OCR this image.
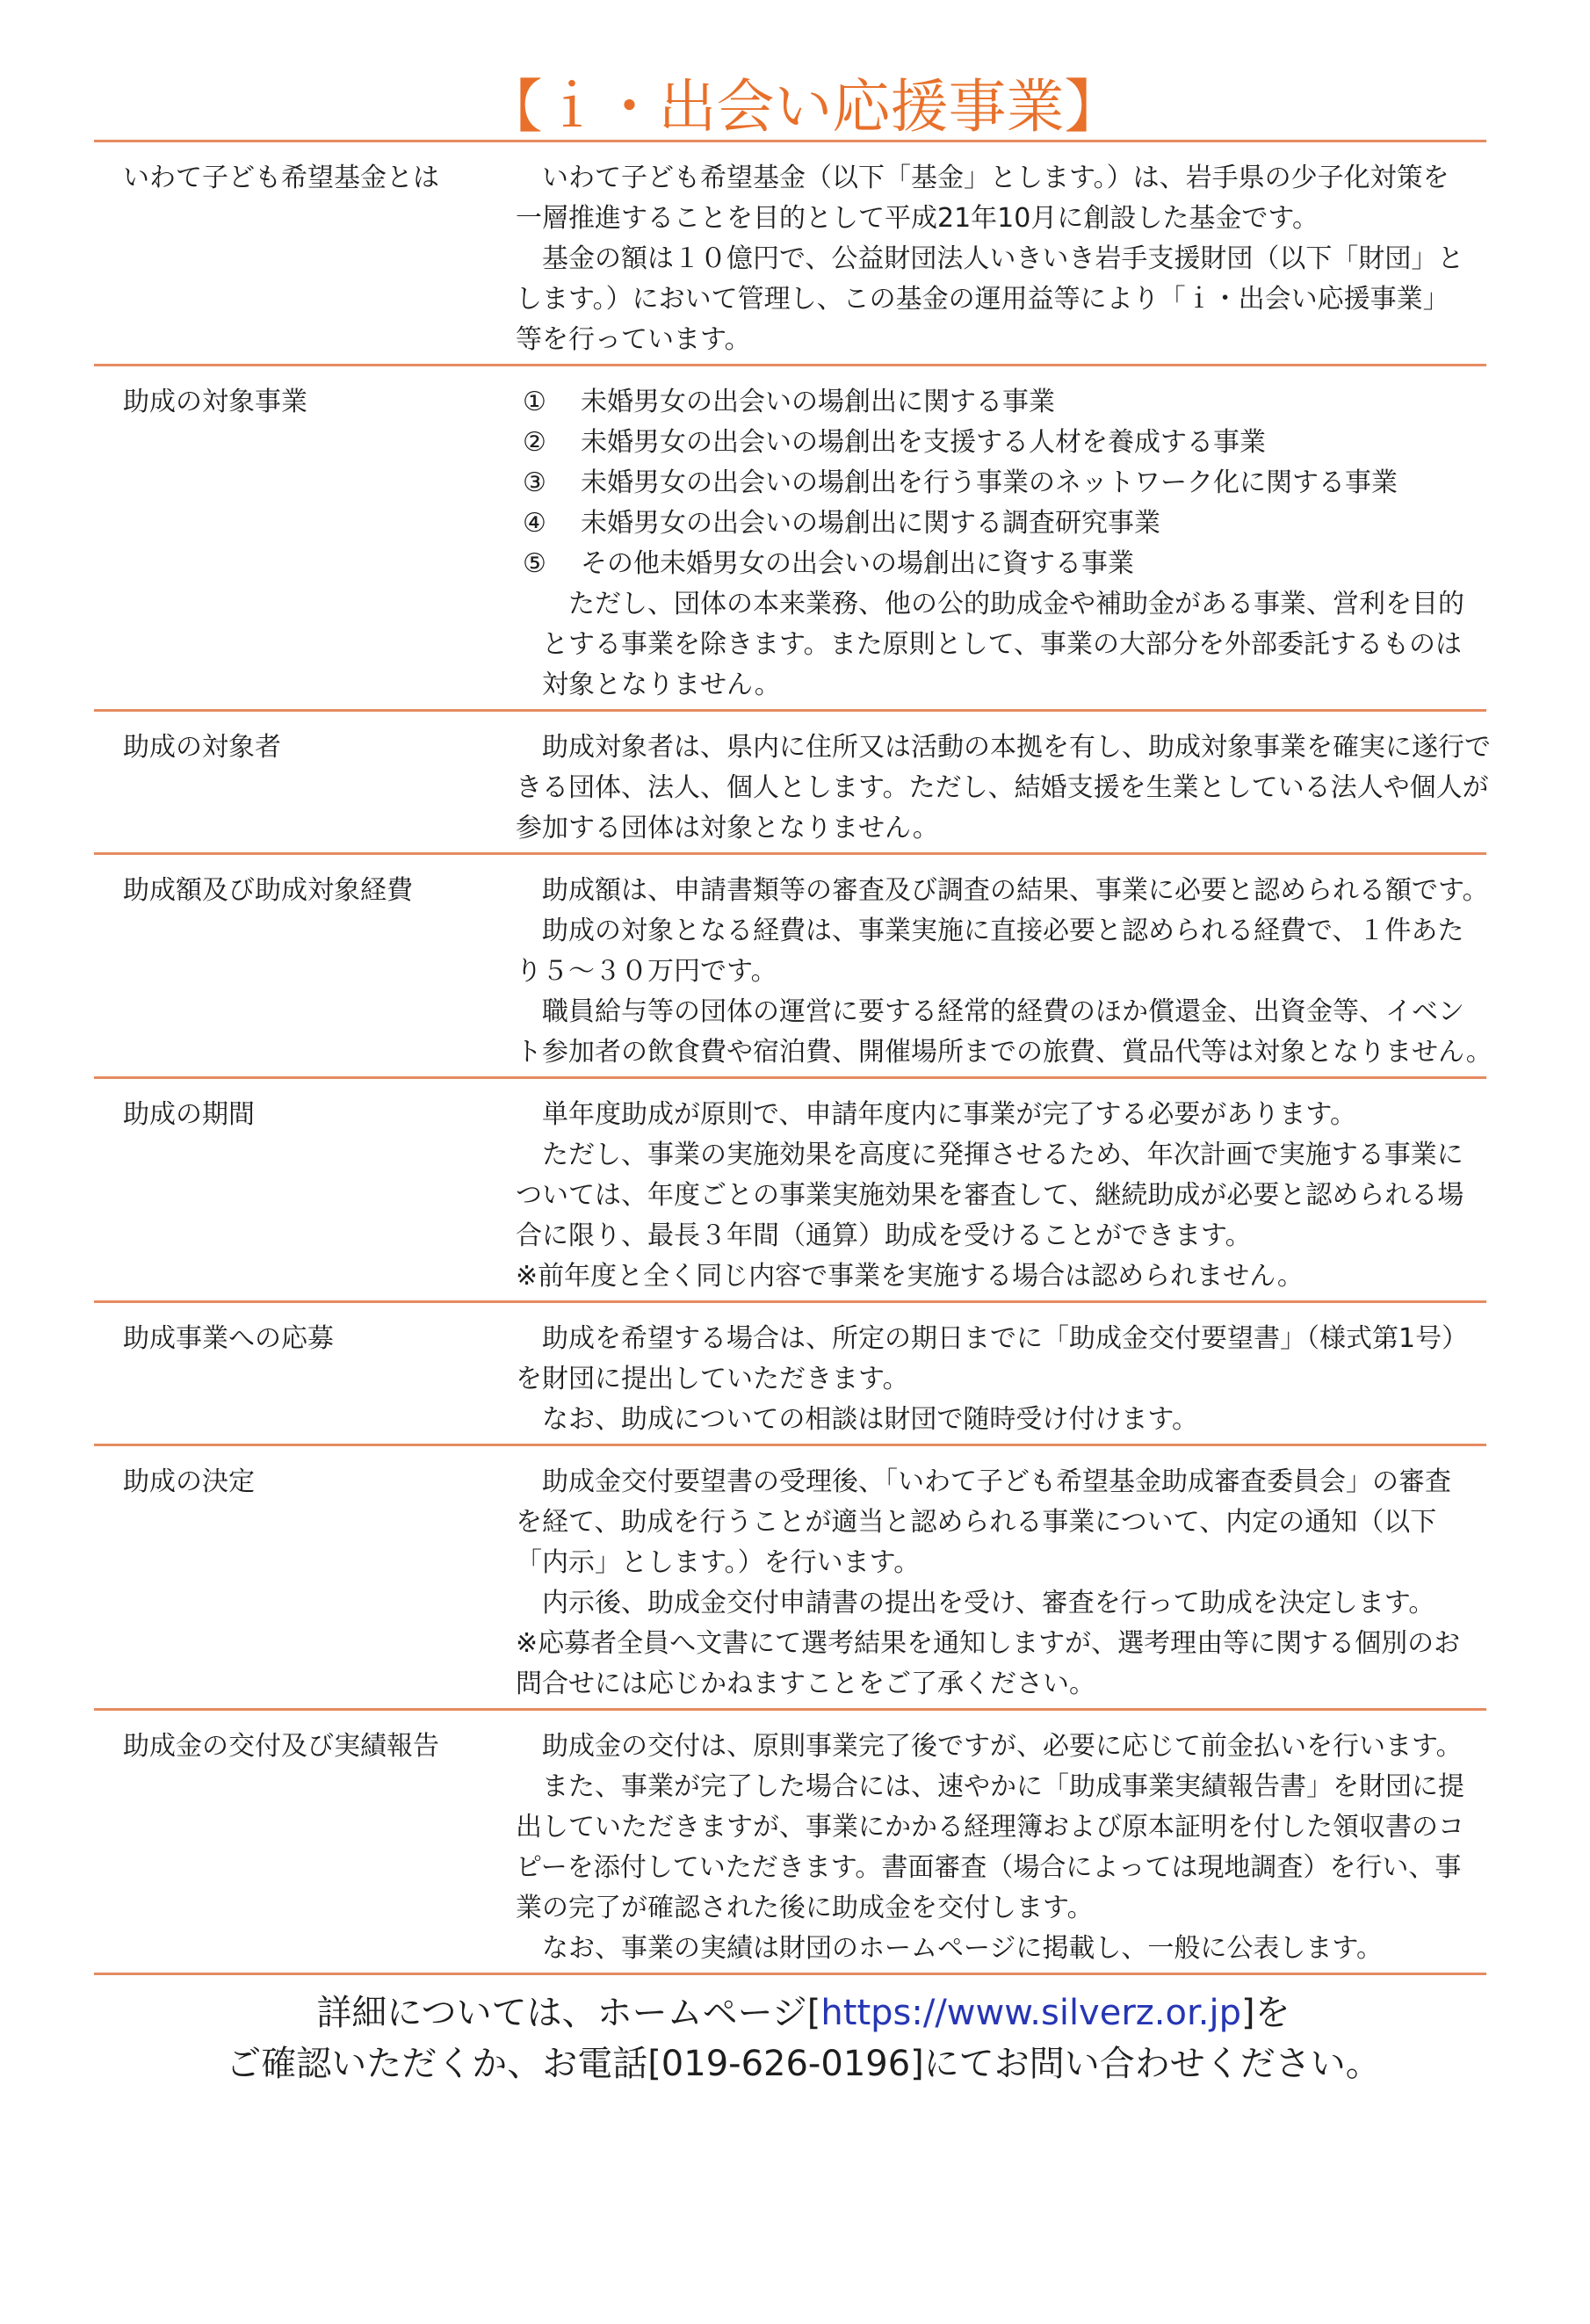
【ｉ・出会い応援事業】
いわて子ども希望基金とは	　いわて子ども希望基金（以下「基金」とします。）は、岩手県の少子化対策を
一層推進することを目的として平成21年10月に創設した基金です。
　基金の額は１０億円で、公益財団法人いきいき岩手支援財団（以下「財団」と
します。）において管理し、この基金の運用益等により「ｉ・出会い応援事業」
等を行っています。
助成の対象事業	①	未婚男女の出会いの場創出に関する事業
②	未婚男女の出会いの場創出を支援する人材を養成する事業
③	未婚男女の出会いの場創出を行う事業のネットワーク化に関する事業
④	未婚男女の出会いの場創出に関する調査研究事業
⑤	その他未婚男女の出会いの場創出に資する事業
　ただし、団体の本来業務、他の公的助成金や補助金がある事業、営利を目的
とする事業を除きます。また原則として、事業の大部分を外部委託するものは
対象となりません。
助成の対象者	　助成対象者は、県内に住所又は活動の本拠を有し、助成対象事業を確実に遂行で
きる団体、法人、個人とします。ただし、結婚支援を生業としている法人や個人が
参加する団体は対象となりません。
助成額及び助成対象経費	　助成額は、申請書類等の審査及び調査の結果、事業に必要と認められる額です。
　助成の対象となる経費は、事業実施に直接必要と認められる経費で、１件あた
り５～３０万円です。
　職員給与等の団体の運営に要する経常的経費のほか償還金、出資金等、イベン
ト参加者の飲食費や宿泊費、開催場所までの旅費、賞品代等は対象となりません。
助成の期間	　単年度助成が原則で、申請年度内に事業が完了する必要があります。
　ただし、事業の実施効果を高度に発揮させるため、年次計画で実施する事業に
ついては、年度ごとの事業実施効果を審査して、継続助成が必要と認められる場
合に限り、最長３年間（通算）助成を受けることができます。
※前年度と全く同じ内容で事業を実施する場合は認められません。
助成事業への応募	　助成を希望する場合は、所定の期日までに「助成金交付要望書」（様式第1号）
を財団に提出していただきます。
　なお、助成についての相談は財団で随時受け付けます。
助成の決定	　助成金交付要望書の受理後、「いわて子ども希望基金助成審査委員会」の審査
を経て、助成を行うことが適当と認められる事業について、内定の通知（以下
「内示」とします。）を行います。
　内示後、助成金交付申請書の提出を受け、審査を行って助成を決定します。
※応募者全員へ文書にて選考結果を通知しますが、選考理由等に関する個別のお
問合せには応じかねますことをご了承ください。
助成金の交付及び実績報告	　助成金の交付は、原則事業完了後ですが、必要に応じて前金払いを行います。
　また、事業が完了した場合には、速やかに「助成事業実績報告書」を財団に提
出していただきますが、事業にかかる経理簿および原本証明を付した領収書のコ
ピーを添付していただきます。書面審査（場合によっては現地調査）を行い、事
業の完了が確認された後に助成金を交付します。
　なお、事業の実績は財団のホームページに掲載し、一般に公表します。
詳細については、ホームページ[https://www.silverz.or.jp]を
ご確認いただくか、お電話[019-626-0196]にてお問い合わせください。
